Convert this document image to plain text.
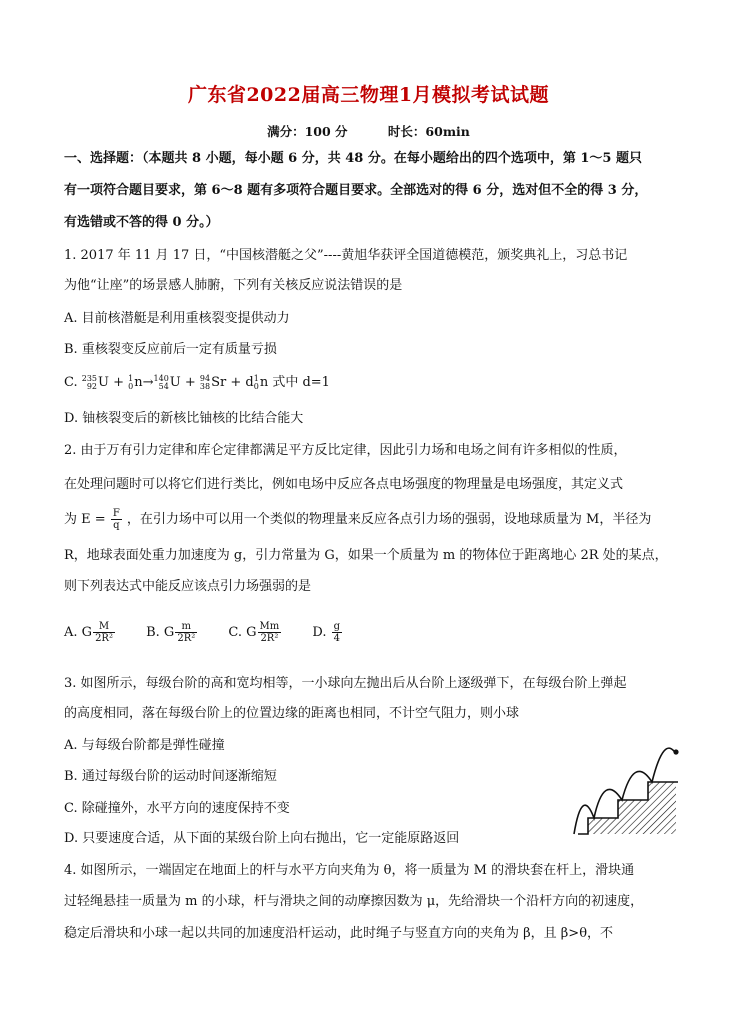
广东省2022届高三物理1月模拟考试试题
满分：100 分	时长：60min
一、选择题：（本题共 8 小题，每小题 6 分，共 48 分。在每小题给出的四个选项中，第 1～5 题只
有一项符合题目要求，第 6～8 题有多项符合题目要求。全部选对的得 6 分，选对但不全的得 3 分，
有选错或不答的得 0 分。）
1. 2017 年 11 月 17 日，“中国核潜艇之父”----黄旭华获评全国道德模范，颁奖典礼上，习总书记
为他“让座”的场景感人肺腑，下列有关核反应说法错误的是
A. 目前核潜艇是利用重核裂变提供动力
B. 重核裂变反应前后一定有质量亏损
C. 235
92U + 1
0n→140
54U + 94
38Sr + d1
0n 式中 d=1
D. 铀核裂变后的新核比铀核的比结合能大
2. 由于万有引力定律和库仑定律都满足平方反比定律，因此引力场和电场之间有许多相似的性质，
在处理问题时可以将它们进行类比，例如电场中反应各点电场强度的物理量是电场强度，其定义式
为 $E = \frac{F}{q}$ ，在引力场中可以用一个类似的物理量来反应各点引力场的强弱，设地球质量为 M，半径为
R，地球表面处重力加速度为 g，引力常量为 G，如果一个质量为 m 的物体位于距离地心 2R 处的某点，
则下列表达式中能反应该点引力场强弱的是
A. G $\frac{M}{\text{2R²}} B$. G $\frac{m}{\text{2R²}} C$. G $\frac{Mm}{\text{2R²}} D$. $\frac{g}{4}$
3. 如图所示，每级台阶的高和宽均相等，一小球向左抛出后从台阶上逐级弹下，在每级台阶上弹起
的高度相同，落在每级台阶上的位置边缘的距离也相同，不计空气阻力，则小球
A. 与每级台阶都是弹性碰撞
B. 通过每级台阶的运动时间逐渐缩短
C. 除碰撞外，水平方向的速度保持不变
D. 只要速度合适，从下面的某级台阶上向右抛出，它一定能原路返回
4. 如图所示，一端固定在地面上的杆与水平方向夹角为 θ，将一质量为 M 的滑块套在杆上，滑块通
过轻绳悬挂一质量为 m 的小球，杆与滑块之间的动摩擦因数为 μ，先给滑块一个沿杆方向的初速度，
稳定后滑块和小球一起以共同的加速度沿杆运动，此时绳子与竖直方向的夹角为 β，且 β>θ，不
